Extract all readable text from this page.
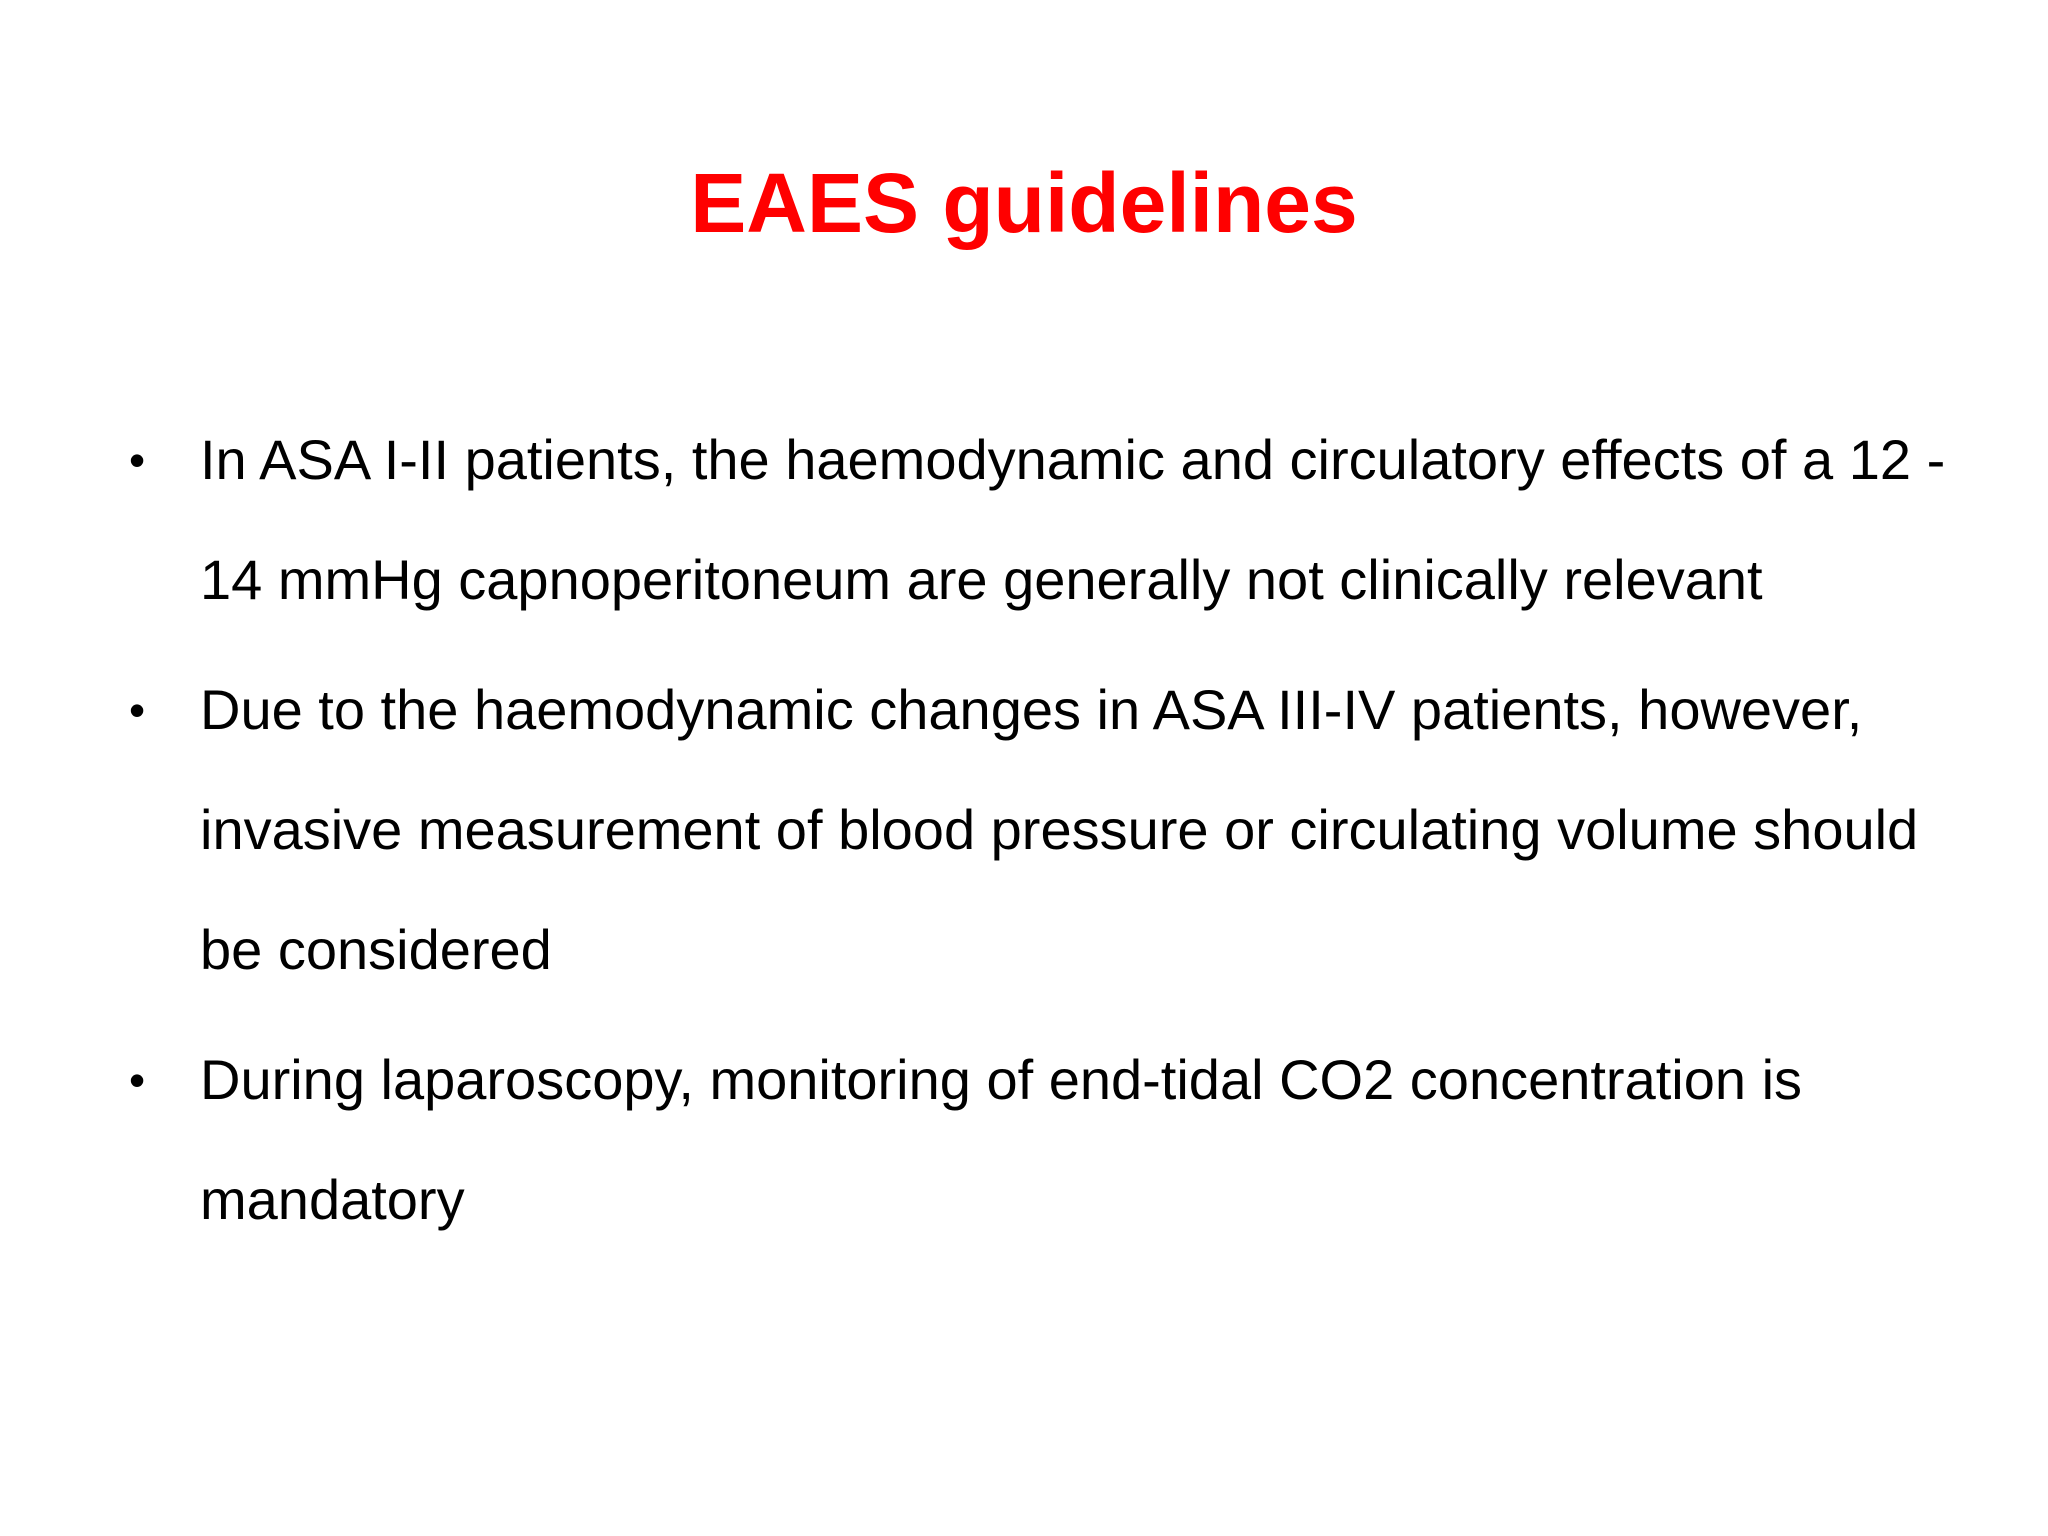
EAES guidelines
• In ASA I-II patients, the haemodynamic and circulatory effects of a 12 - 14 mmHg capnoperitoneum are generally not clinically relevant
• Due to the haemodynamic changes in ASA III-IV patients, however, invasive measurement of blood pressure or circulating volume should be considered
• During laparoscopy, monitoring of end-tidal CO2 concentration is mandatory
